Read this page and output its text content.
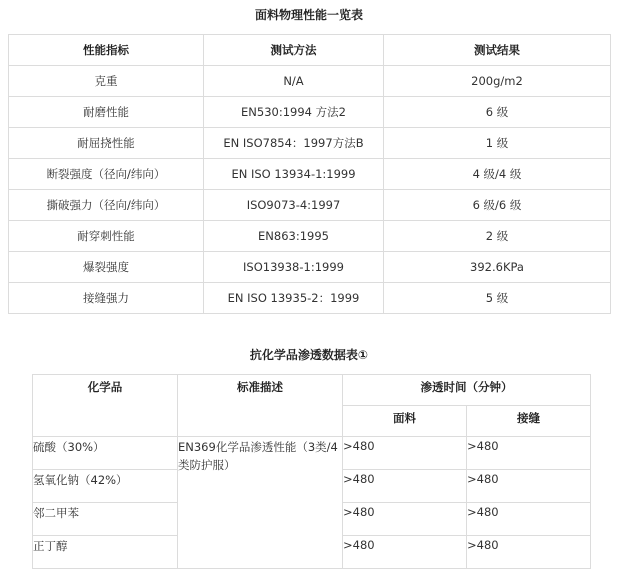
面料物理性能一览表
性能指标	测试方法	测试结果
克重	N/A	200g/m2
耐磨性能	EN530:1994 方法2	6 级
耐屈挠性能	EN ISO7854：1997方法B	1 级
断裂强度（径向/纬向）	EN ISO 13934-1:1999	4 级/4 级
撕破强力（径向/纬向）	ISO9073-4:1997	6 级/6 级
耐穿刺性能	EN863:1995	2 级
爆裂强度	ISO13938-1:1999	392.6KPa
接缝强力	EN ISO 13935-2：1999	5 级
抗化学品渗透数据表①
化学品	标准描述	渗透时间（分钟）	
		面料	接缝
硫酸（30%）	EN369化学品渗透性能（3类/4类防护服）	>480	>480
氢氧化钠（42%）		>480	>480
邻二甲苯		>480	>480
正丁醇		>480	>480
